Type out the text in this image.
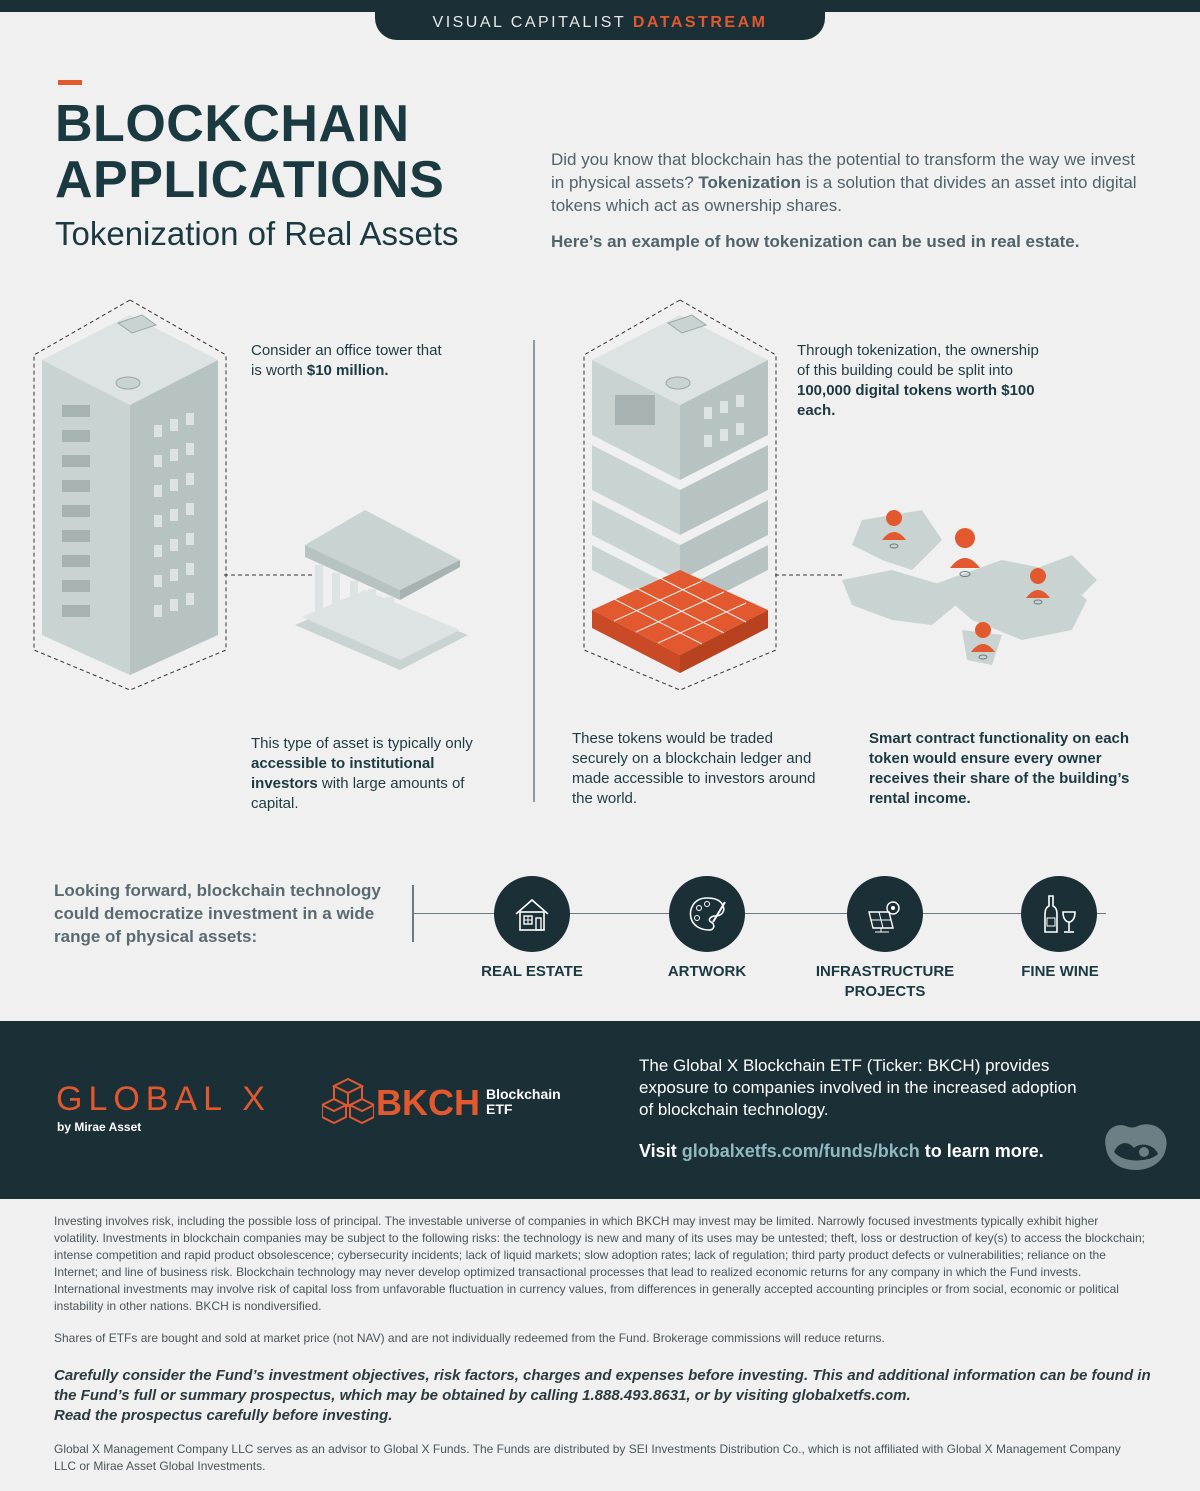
VISUAL CAPITALIST DATASTREAM
BLOCKCHAIN
APPLICATIONS
Tokenization of Real Assets
Did you know that blockchain has the potential to transform the way we invest in physical assets? Tokenization is a solution that divides an asset into digital tokens which act as ownership shares.
Here’s an example of how tokenization can be used in real estate.
Consider an office tower that is worth $10 million.
This type of asset is typically only accessible to institutional investors with large amounts of capital.
Through tokenization, the ownership of this building could be split into 100,000 digital tokens worth $100 each.
These tokens would be traded securely on a blockchain ledger and made accessible to investors around the world.
Smart contract functionality on each token would ensure every owner receives their share of the building’s rental income.
Looking forward, blockchain technology could democratize investment in a wide range of physical assets:
REAL ESTATE	ARTWORK	INFRASTRUCTURE
PROJECTS
FINE WINE
GLOBAL X
by Mirae Asset
BKCH Blockchain
ETF
The Global X Blockchain ETF (Ticker: BKCH) provides exposure to companies involved in the increased adoption of blockchain technology.
Visit globalxetfs.com/funds/bkch to learn more.
Investing involves risk, including the possible loss of principal. The investable universe of companies in which BKCH may invest may be limited. Narrowly focused investments typically exhibit higher volatility. Investments in blockchain companies may be subject to the following risks: the technology is new and many of its uses may be untested; theft, loss or destruction of key(s) to access the blockchain; intense competition and rapid product obsolescence; cybersecurity incidents; lack of liquid markets; slow adoption rates; lack of regulation; third party product defects or vulnerabilities; reliance on the Internet; and line of business risk. Blockchain technology may never develop optimized transactional processes that lead to realized economic returns for any company in which the Fund invests. International investments may involve risk of capital loss from unfavorable fluctuation in currency values, from differences in generally accepted accounting principles or from social, economic or political instability in other nations. BKCH is nondiversified.
Shares of ETFs are bought and sold at market price (not NAV) and are not individually redeemed from the Fund. Brokerage commissions will reduce returns.
Carefully consider the Fund’s investment objectives, risk factors, charges and expenses before investing. This and additional information can be found in the Fund’s full or summary prospectus, which may be obtained by calling 1.888.493.8631, or by visiting globalxetfs.com.
Read the prospectus carefully before investing.
Global X Management Company LLC serves as an advisor to Global X Funds. The Funds are distributed by SEI Investments Distribution Co., which is not affiliated with Global X Management Company LLC or Mirae Asset Global Investments.
